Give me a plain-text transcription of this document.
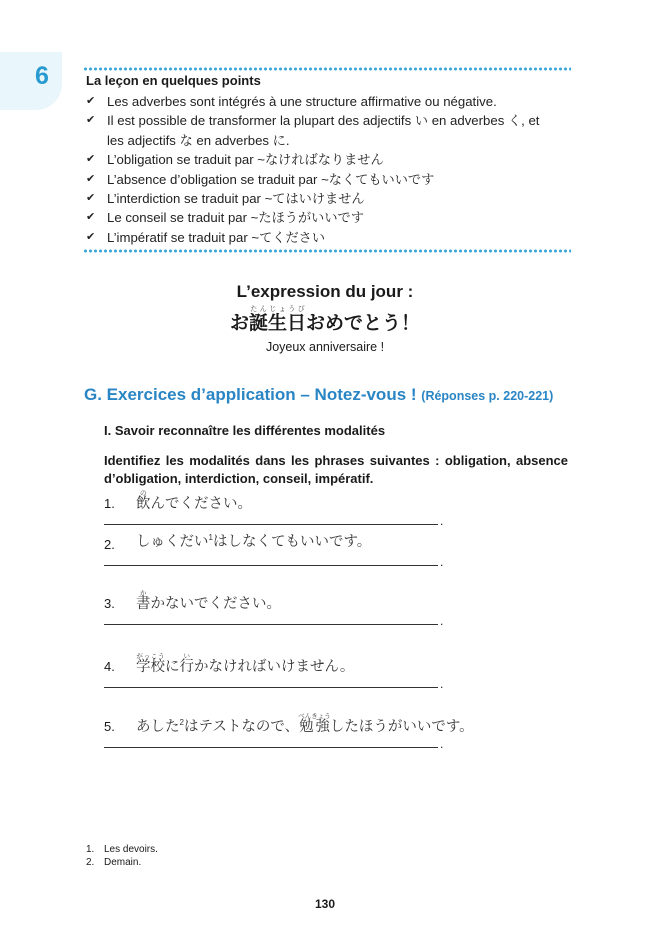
6	La leçon en quelques points
✔ Les adverbes sont intégrés à une structure affirmative ou négative.
✔ Il est possible de transformer la plupart des adjectifs い en adverbes く, et
les adjectifs な en adverbes に.
✔ L’obligation se traduit par ~なければなりません
✔ L’absence d’obligation se traduit par ~なくてもいいです
✔ L’interdiction se traduit par ~てはいけません
✔ Le conseil se traduit par ~たほうがいいです
✔ L’impératif se traduit par ~てください
L’expression du jour :
お誕生日たんじょうびおめでとう！
Joyeux anniversaire !
G. Exercices d’application – Notez-vous ! (Réponses p. 220-221)
I. Savoir reconnaître les différentes modalités
Identifiez les modalités dans les phrases suivantes : obligation, absence d’obligation, interdiction, conseil, impératif.
1. 飲のんでください。
.
2. しゅくだい$^1$はしなくてもいいです。
.
3. 書かかないでください。
.
4. 学校がっこうに行いかなければいけません。
.
5. あした$^2$はテストなので、勉強べんきょうしたほうがいいです。
.
1. Les devoirs.
2. Demain.
130
